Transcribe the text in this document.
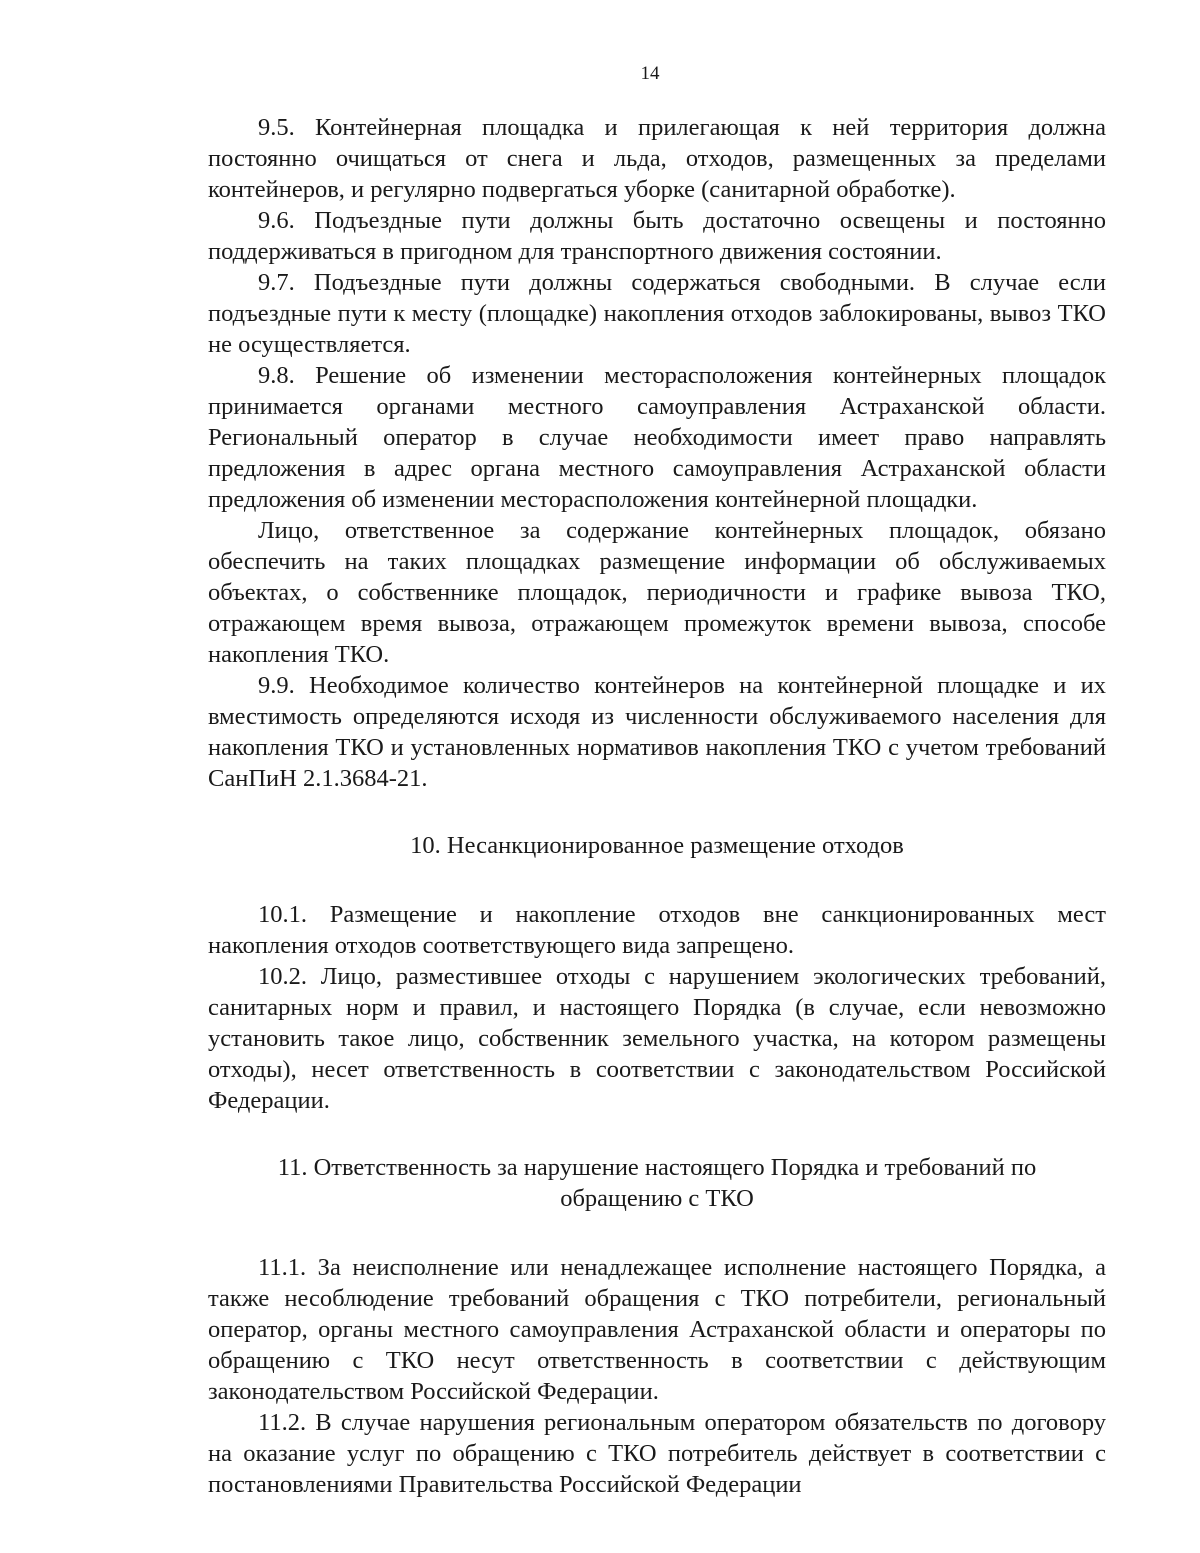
14

9.5. Контейнерная площадка и прилегающая к ней территория должна постоянно очищаться от снега и льда, отходов, размещенных за пределами контейнеров, и регулярно подвергаться уборке (санитарной обработке).

9.6. Подъездные пути должны быть достаточно освещены и постоянно поддерживаться в пригодном для транспортного движения состоянии.

9.7. Подъездные пути должны содержаться свободными. В случае если подъездные пути к месту (площадке) накопления отходов заблокированы, вывоз ТКО не осуществляется.

9.8. Решение об изменении месторасположения контейнерных площадок принимается органами местного самоуправления Астраханской области. Региональный оператор в случае необходимости имеет право направлять предложения в адрес органа местного самоуправления Астраханской области предложения об изменении месторасположения контейнерной площадки.

Лицо, ответственное за содержание контейнерных площадок, обязано обеспечить на таких площадках размещение информации об обслуживаемых объектах, о собственнике площадок, периодичности и графике вывоза ТКО, отражающем время вывоза, отражающем промежуток времени вывоза, способе накопления ТКО.

9.9. Необходимое количество контейнеров на контейнерной площадке и их вместимость определяются исходя из численности обслуживаемого населения для накопления ТКО и установленных нормативов накопления ТКО с учетом требований СанПиН 2.1.3684-21.

10. Несанкционированное размещение отходов

10.1. Размещение и накопление отходов вне санкционированных мест накопления отходов соответствующего вида запрещено.

10.2. Лицо, разместившее отходы с нарушением экологических требований, санитарных норм и правил, и настоящего Порядка (в случае, если невозможно установить такое лицо, собственник земельного участка, на котором размещены отходы), несет ответственность в соответствии с законодательством Российской Федерации.

11. Ответственность за нарушение настоящего Порядка и требований по обращению с ТКО

11.1. За неисполнение или ненадлежащее исполнение настоящего Порядка, а также несоблюдение требований обращения с ТКО потребители, региональный оператор, органы местного самоуправления Астраханской области и операторы по обращению с ТКО несут ответственность в соответствии с действующим законодательством Российской Федерации.

11.2. В случае нарушения региональным оператором обязательств по договору на оказание услуг по обращению с ТКО потребитель действует в соответствии с постановлениями Правительства Российской Федерации
